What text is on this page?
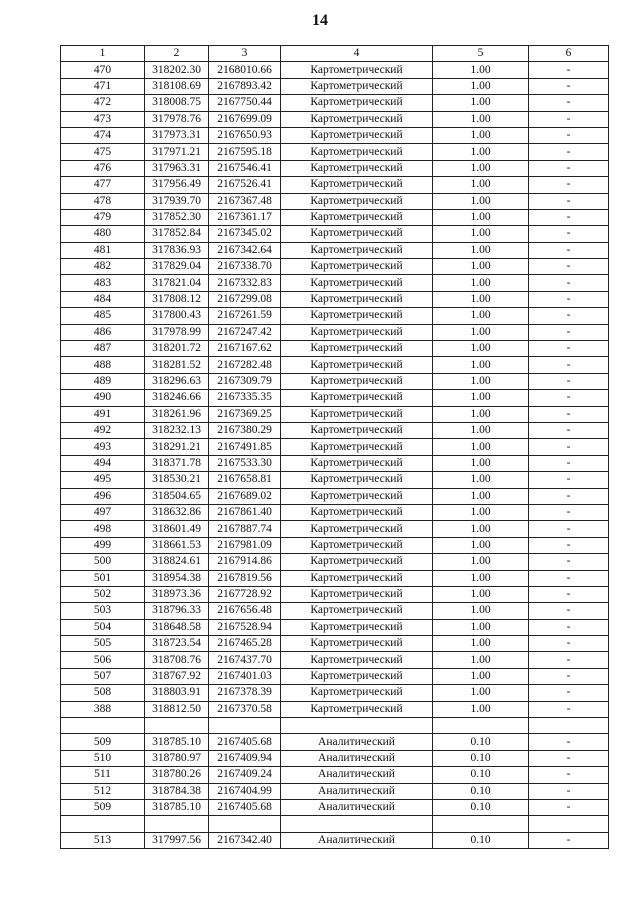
14
1	2	3	4	5	6
470	318202.30	2168010.66	Картометрический	1.00	-
471	318108.69	2167893.42	Картометрический	1.00	-
472	318008.75	2167750.44	Картометрический	1.00	-
473	317978.76	2167699.09	Картометрический	1.00	-
474	317973.31	2167650.93	Картометрический	1.00	-
475	317971.21	2167595.18	Картометрический	1.00	-
476	317963.31	2167546.41	Картометрический	1.00	-
477	317956.49	2167526.41	Картометрический	1.00	-
478	317939.70	2167367.48	Картометрический	1.00	-
479	317852.30	2167361.17	Картометрический	1.00	-
480	317852.84	2167345.02	Картометрический	1.00	-
481	317836.93	2167342.64	Картометрический	1.00	-
482	317829.04	2167338.70	Картометрический	1.00	-
483	317821.04	2167332.83	Картометрический	1.00	-
484	317808.12	2167299.08	Картометрический	1.00	-
485	317800.43	2167261.59	Картометрический	1.00	-
486	317978.99	2167247.42	Картометрический	1.00	-
487	318201.72	2167167.62	Картометрический	1.00	-
488	318281.52	2167282.48	Картометрический	1.00	-
489	318296.63	2167309.79	Картометрический	1.00	-
490	318246.66	2167335.35	Картометрический	1.00	-
491	318261.96	2167369.25	Картометрический	1.00	-
492	318232.13	2167380.29	Картометрический	1.00	-
493	318291.21	2167491.85	Картометрический	1.00	-
494	318371.78	2167533.30	Картометрический	1.00	-
495	318530.21	2167658.81	Картометрический	1.00	-
496	318504.65	2167689.02	Картометрический	1.00	-
497	318632.86	2167861.40	Картометрический	1.00	-
498	318601.49	2167887.74	Картометрический	1.00	-
499	318661.53	2167981.09	Картометрический	1.00	-
500	318824.61	2167914.86	Картометрический	1.00	-
501	318954.38	2167819.56	Картометрический	1.00	-
502	318973.36	2167728.92	Картометрический	1.00	-
503	318796.33	2167656.48	Картометрический	1.00	-
504	318648.58	2167528.94	Картометрический	1.00	-
505	318723.54	2167465.28	Картометрический	1.00	-
506	318708.76	2167437.70	Картометрический	1.00	-
507	318767.92	2167401.03	Картометрический	1.00	-
508	318803.91	2167378.39	Картометрический	1.00	-
388	318812.50	2167370.58	Картометрический	1.00	-

509	318785.10	2167405.68	Аналитический	0.10	-
510	318780.97	2167409.94	Аналитический	0.10	-
511	318780.26	2167409.24	Аналитический	0.10	-
512	318784.38	2167404.99	Аналитический	0.10	-
509	318785.10	2167405.68	Аналитический	0.10	-

513	317997.56	2167342.40	Аналитический	0.10	-
